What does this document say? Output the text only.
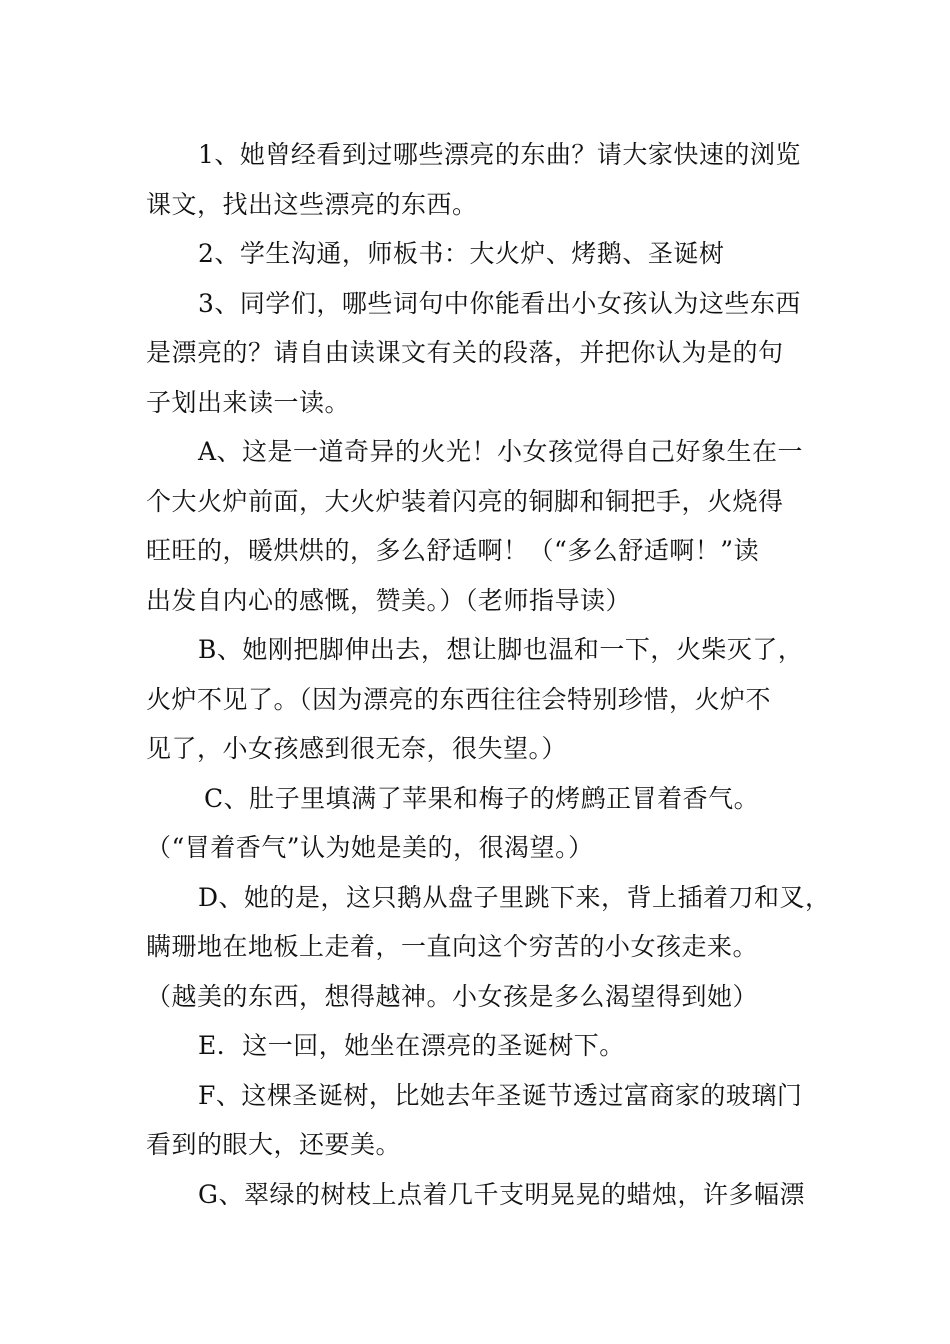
1、她曾经看到过哪些漂亮的东曲？请大家快速的浏览
课文，找出这些漂亮的东西。
2、学生沟通，师板书：大火炉、烤鹅、圣诞树
3、同学们，哪些词句中你能看出小女孩认为这些东西
是漂亮的？请自由读课文有关的段落，并把你认为是的句
子划出来读一读。
A、这是一道奇异的火光！小女孩觉得自己好象生在一
个大火炉前面，大火炉装着闪亮的铜脚和铜把手，火烧得
旺旺的，暖烘烘的，多么舒适啊！（“多么舒适啊！”读
出发自内心的感慨，赞美。）（老师指导读）
B、她刚把脚伸出去，想让脚也温和一下，火柴灭了，
火炉不见了。（因为漂亮的东西往往会特别珍惜，火炉不
见了，小女孩感到很无奈，很失望。）
C、肚子里填满了苹果和梅子的烤鹧正冒着香气。
（“冒着香气”认为她是美的，很渴望。）
D、她的是，这只鹅从盘子里跳下来，背上插着刀和叉，
瞒珊地在地板上走着，一直向这个穷苦的小女孩走来。
（越美的东西，想得越神。小女孩是多么渴望得到她）
E．这一回，她坐在漂亮的圣诞树下。
F、这棵圣诞树，比她去年圣诞节透过富商家的玻璃门
看到的眼大，还要美。
G、翠绿的树枝上点着几千支明晃晃的蜡烛，许多幅漂
